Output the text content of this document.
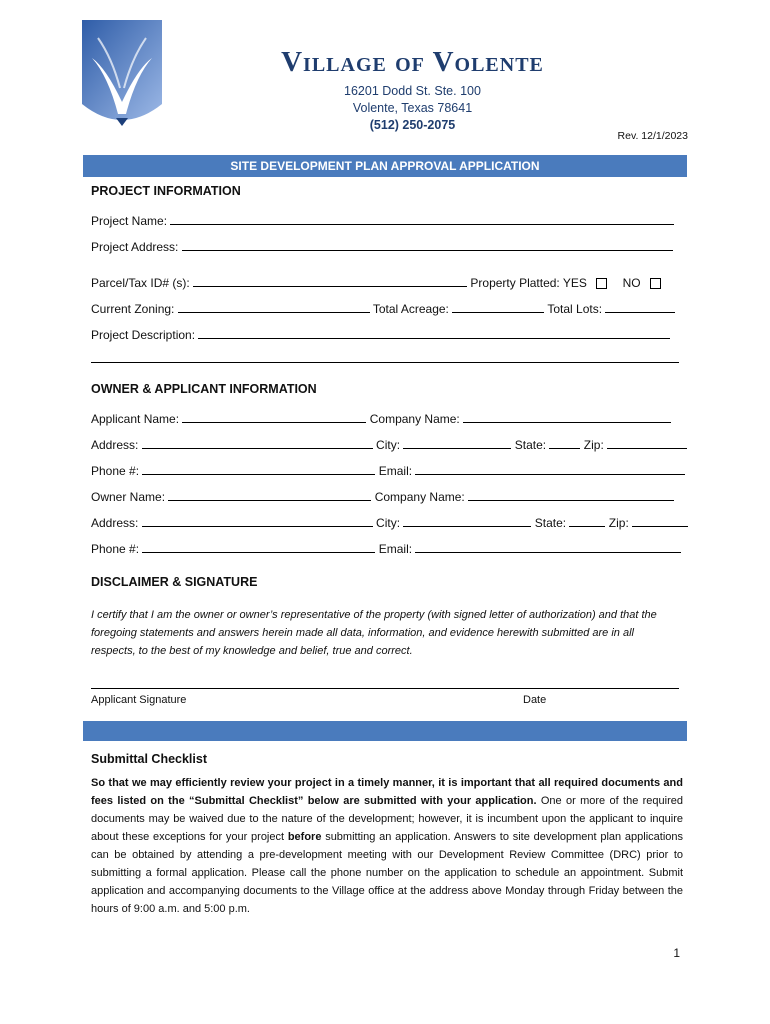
Village of Volente
16201 Dodd St. Ste. 100
Volente, Texas 78641
(512) 250-2075
Rev. 12/1/2023
SITE DEVELOPMENT PLAN APPROVAL APPLICATION
PROJECT INFORMATION
Project Name:
Project Address:
Parcel/Tax ID# (s):	Property Platted: YES	NO
Current Zoning:	Total Acreage:	Total Lots:
Project Description:
OWNER & APPLICANT INFORMATION
Applicant Name:	Company Name:
Address:	City:	State:	Zip:
Phone #:	Email:
Owner Name:	Company Name:
Address:	City:	State:	Zip:
Phone #:	Email:
DISCLAIMER & SIGNATURE
I certify that I am the owner or owner’s representative of the property (with signed letter of authorization) and that the foregoing statements and answers herein made all data, information, and evidence herewith submitted are in all respects, to the best of my knowledge and belief, true and correct.
Applicant Signature	Date
Submittal Checklist
So that we may efficiently review your project in a timely manner, it is important that all required documents and fees listed on the “Submittal Checklist” below are submitted with your application. One or more of the required documents may be waived due to the nature of the development; however, it is incumbent upon the applicant to inquire about these exceptions for your project before submitting an application. Answers to site development plan applications can be obtained by attending a pre-development meeting with our Development Review Committee (DRC) prior to submitting a formal application. Please call the phone number on the application to schedule an appointment. Submit application and accompanying documents to the Village office at the address above Monday through Friday between the hours of 9:00 a.m. and 5:00 p.m.
1
